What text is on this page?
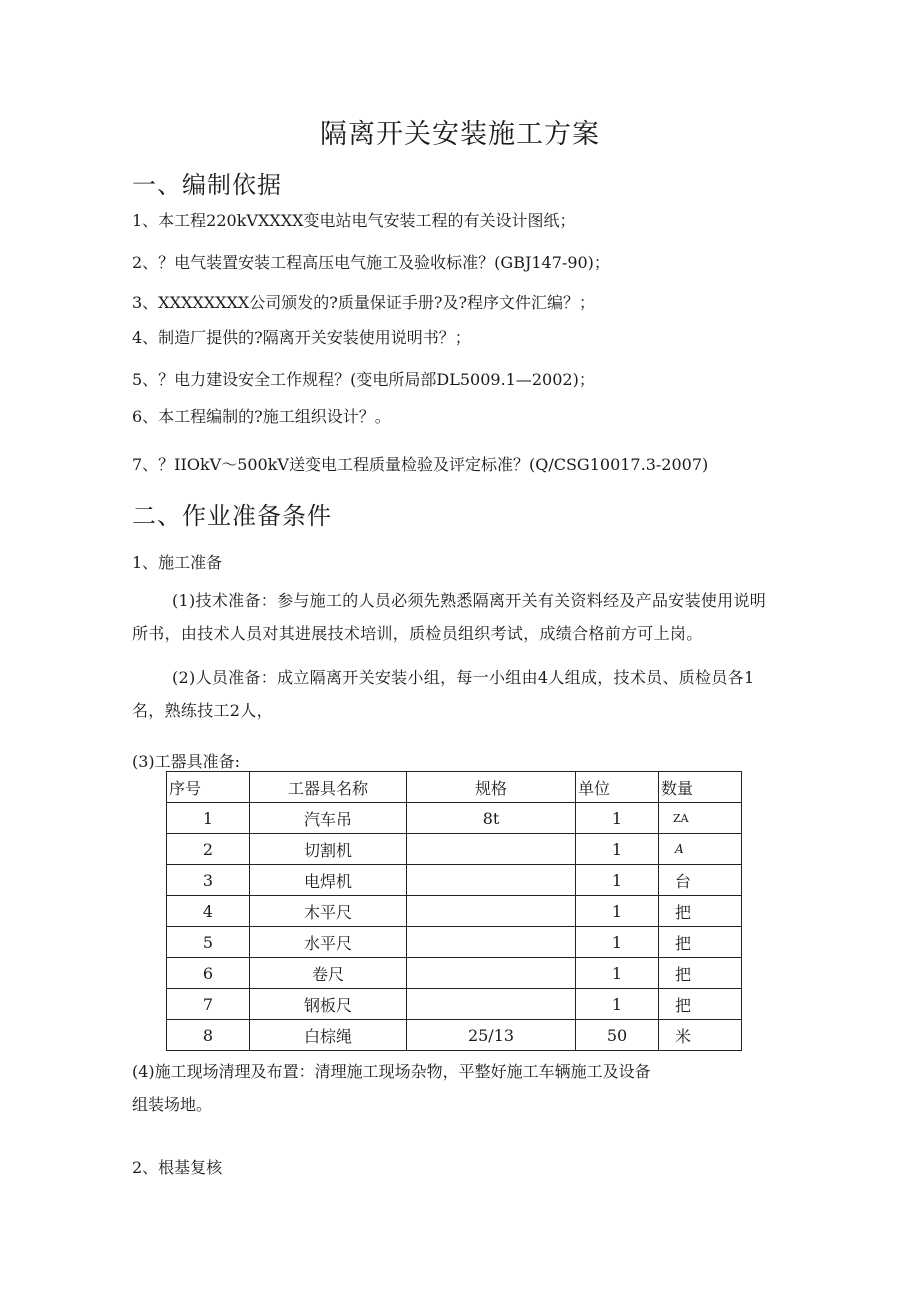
隔离开关安装施工方案
一、编制依据
1、本工程220kVXXXX变电站电气安装工程的有关设计图纸；
2、？电气装置安装工程高压电气施工及验收标准？(GBJ147-90)；
3、XXXXXXXX公司颁发的?质量保证手册?及?程序文件汇编？；
4、制造厂提供的?隔离开关安装使用说明书？；
5、？电力建设安全工作规程？(变电所局部DL5009.1—2002)；
6、本工程编制的?施工组织设计？。
7、？IIOkV～500kV送变电工程质量检验及评定标准？(Q/CSG10017.3-2007)
二、作业准备条件
1、施工准备
(1)技术准备：参与施工的人员必须先熟悉隔离开关有关资料经及产品安装使用说明所书，由技术人员对其进展技术培训，质检员组织考试，成绩合格前方可上岗。
(2)人员准备：成立隔离开关安装小组，每一小组由4人组成，技术员、质检员各1名，熟练技工2人，
(3)工器具准备:
序号	工器具名称	规格	单位	数量
1	汽车吊	8t	1	ZA
2	切割机		1	A
3	电焊机		1	台
4	木平尺		1	把
5	水平尺		1	把
6	卷尺		1	把
7	钢板尺		1	把
8	白棕绳	25/13	50	米
(4)施工现场清理及布置：清理施工现场杂物，平整好施工车辆施工及设备组装场地。
2、根基复核
